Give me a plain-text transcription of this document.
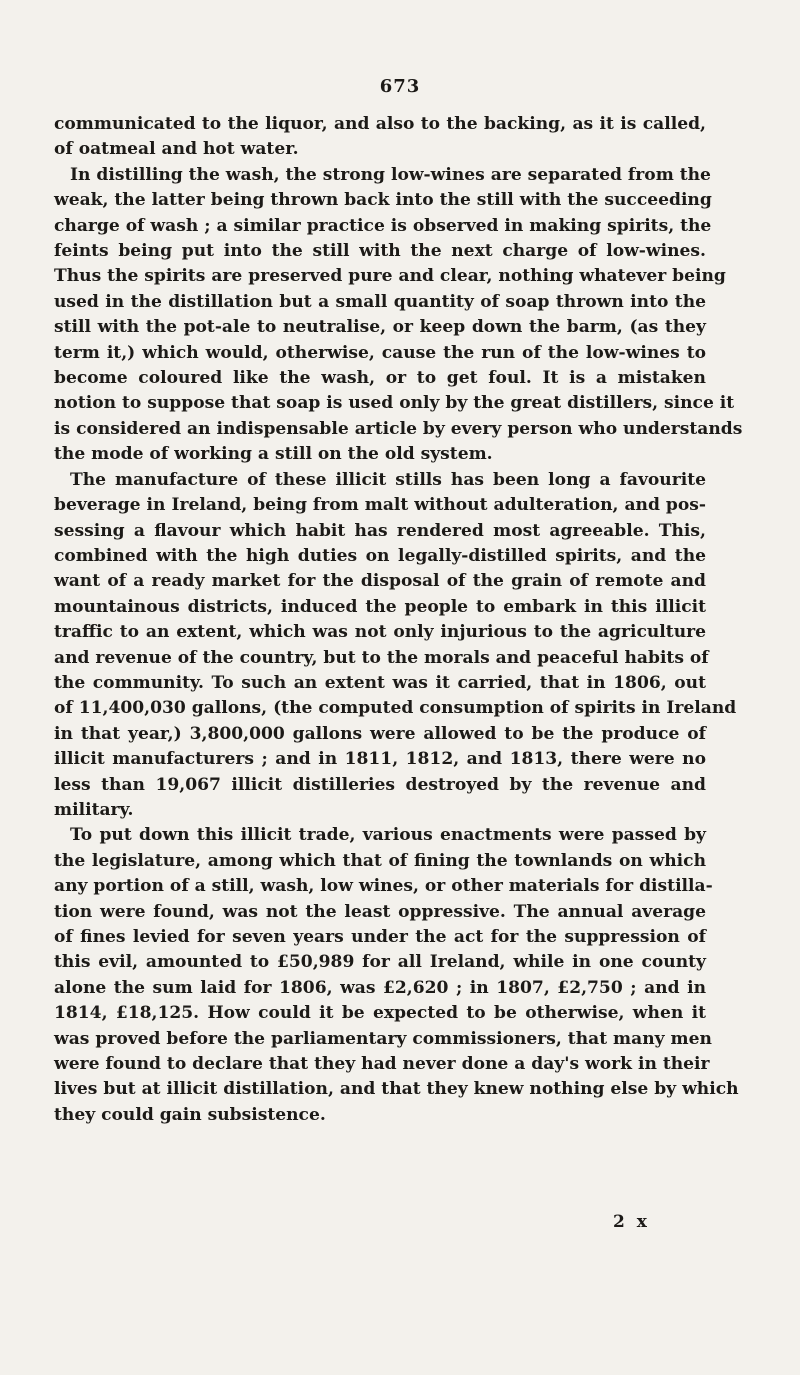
673

communicated to the liquor, and also to the backing, as it is called,
of oatmeal and hot water.

In distilling the wash, the strong low-wines are separated from the
weak, the latter being thrown back into the still with the succeeding
charge of wash ; a similar practice is observed in making spirits, the
feints being put into the still with the next charge of low-wines.
Thus the spirits are preserved pure and clear, nothing whatever being
used in the distillation but a small quantity of soap thrown into the
still with the pot-ale to neutralise, or keep down the barm, (as they
term it,) which would, otherwise, cause the run of the low-wines to
become coloured like the wash, or to get foul. It is a mistaken
notion to suppose that soap is used only by the great distillers, since it
is considered an indispensable article by every person who understands
the mode of working a still on the old system.

The manufacture of these illicit stills has been long a favourite
beverage in Ireland, being from malt without adulteration, and pos-
sessing a flavour which habit has rendered most agreeable. This,
combined with the high duties on legally-distilled spirits, and the
want of a ready market for the disposal of the grain of remote and
mountainous districts, induced the people to embark in this illicit
traffic to an extent, which was not only injurious to the agriculture
and revenue of the country, but to the morals and peaceful habits of
the community. To such an extent was it carried, that in 1806, out
of 11,400,030 gallons, (the computed consumption of spirits in Ireland
in that year,) 3,800,000 gallons were allowed to be the produce of
illicit manufacturers ; and in 1811, 1812, and 1813, there were no
less than 19,067 illicit distilleries destroyed by the revenue and
military.

To put down this illicit trade, various enactments were passed by
the legislature, among which that of fining the townlands on which
any portion of a still, wash, low wines, or other materials for distilla-
tion were found, was not the least oppressive. The annual average
of fines levied for seven years under the act for the suppression of
this evil, amounted to £50,989 for all Ireland, while in one county
alone the sum laid for 1806, was £2,620 ; in 1807, £2,750 ; and in
1814, £18,125. How could it be expected to be otherwise, when it
was proved before the parliamentary commissioners, that many men
were found to declare that they had never done a day's work in their
lives but at illicit distillation, and that they knew nothing else by which
they could gain subsistence.

2 x
